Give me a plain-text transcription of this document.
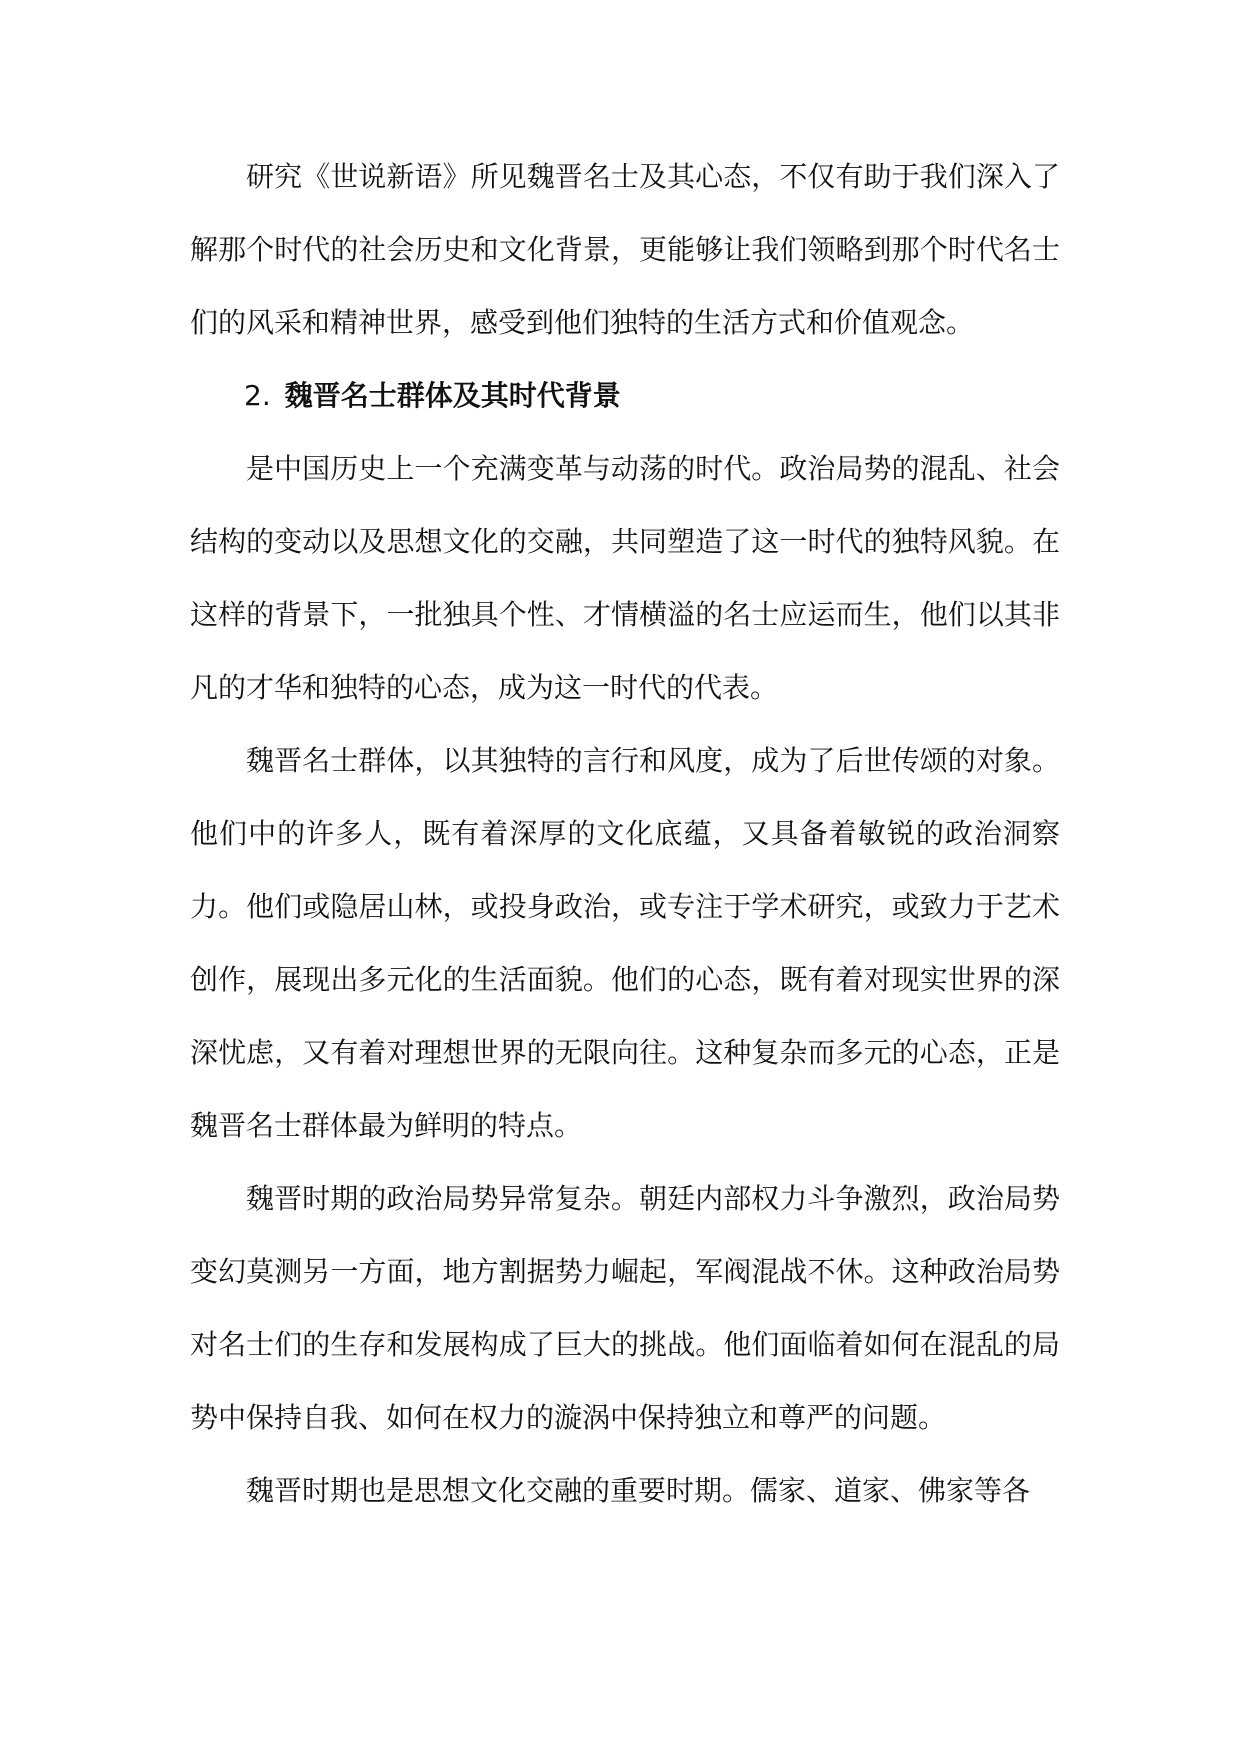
研究《世说新语》所见魏晋名士及其心态，不仅有助于我们深入了解那个时代的社会历史和文化背景，更能够让我们领略到那个时代名士们的风采和精神世界，感受到他们独特的生活方式和价值观念。

2. 魏晋名士群体及其时代背景

是中国历史上一个充满变革与动荡的时代。政治局势的混乱、社会结构的变动以及思想文化的交融，共同塑造了这一时代的独特风貌。在这样的背景下，一批独具个性、才情横溢的名士应运而生，他们以其非凡的才华和独特的心态，成为这一时代的代表。

魏晋名士群体，以其独特的言行和风度，成为了后世传颂的对象。他们中的许多人，既有着深厚的文化底蕴，又具备着敏锐的政治洞察力。他们或隐居山林，或投身政治，或专注于学术研究，或致力于艺术创作，展现出多元化的生活面貌。他们的心态，既有着对现实世界的深深忧虑，又有着对理想世界的无限向往。这种复杂而多元的心态，正是魏晋名士群体最为鲜明的特点。

魏晋时期的政治局势异常复杂。朝廷内部权力斗争激烈，政治局势变幻莫测另一方面，地方割据势力崛起，军阀混战不休。这种政治局势对名士们的生存和发展构成了巨大的挑战。他们面临着如何在混乱的局势中保持自我、如何在权力的漩涡中保持独立和尊严的问题。

魏晋时期也是思想文化交融的重要时期。儒家、道家、佛家等各
